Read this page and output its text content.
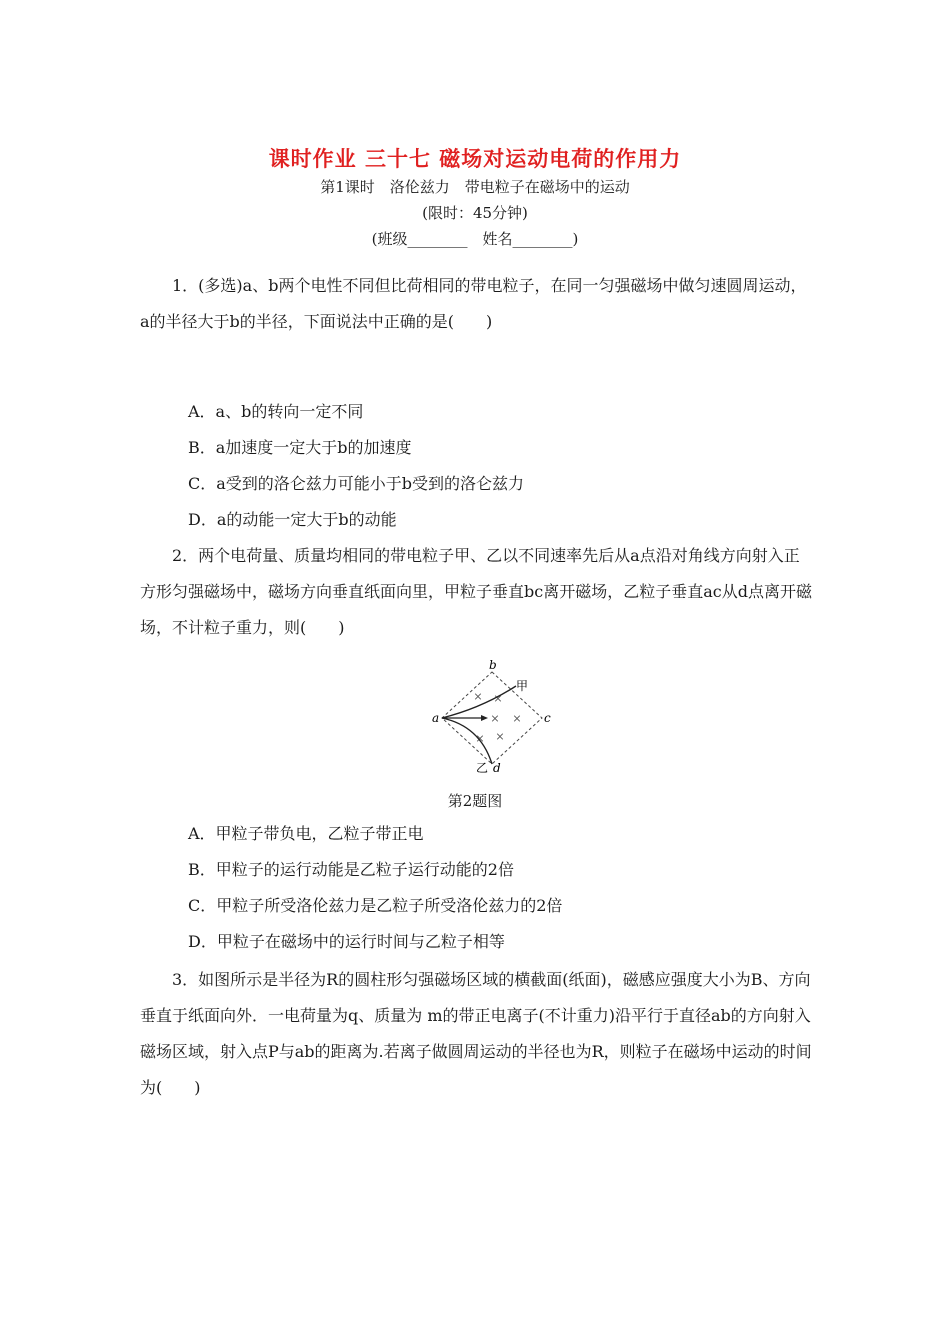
课时作业 三十七 磁场对运动电荷的作用力
第1课时　洛伦兹力　带电粒子在磁场中的运动
(限时：45分钟)
(班级________　姓名________)

1．(多选)a、b两个电性不同但比荷相同的带电粒子，在同一匀强磁场中做匀速圆周运动，a的半径大于b的半径，下面说法中正确的是(　　)

A．a、b的转向一定不同
B．a加速度一定大于b的加速度
C．a受到的洛仑兹力可能小于b受到的洛仑兹力
D．a的动能一定大于b的动能

2．两个电荷量、质量均相同的带电粒子甲、乙以不同速率先后从a点沿对角线方向射入正方形匀强磁场中，磁场方向垂直纸面向里，甲粒子垂直bc离开磁场，乙粒子垂直ac从d点离开磁场，不计粒子重力，则(　　)

× ×
× ×
× ×
b
a	c
d
甲
乙
第2题图
A．甲粒子带负电，乙粒子带正电
B．甲粒子的运行动能是乙粒子运行动能的2倍
C．甲粒子所受洛伦兹力是乙粒子所受洛伦兹力的2倍
D．甲粒子在磁场中的运行时间与乙粒子相等

3．如图所示是半径为R的圆柱形匀强磁场区域的横截面(纸面)，磁感应强度大小为B、方向垂直于纸面向外．一电荷量为q、质量为 m的带正电离子(不计重力)沿平行于直径ab的方向射入磁场区域，射入点P与ab的距离为.若离子做圆周运动的半径也为R，则粒子在磁场中运动的时间为(　　)
